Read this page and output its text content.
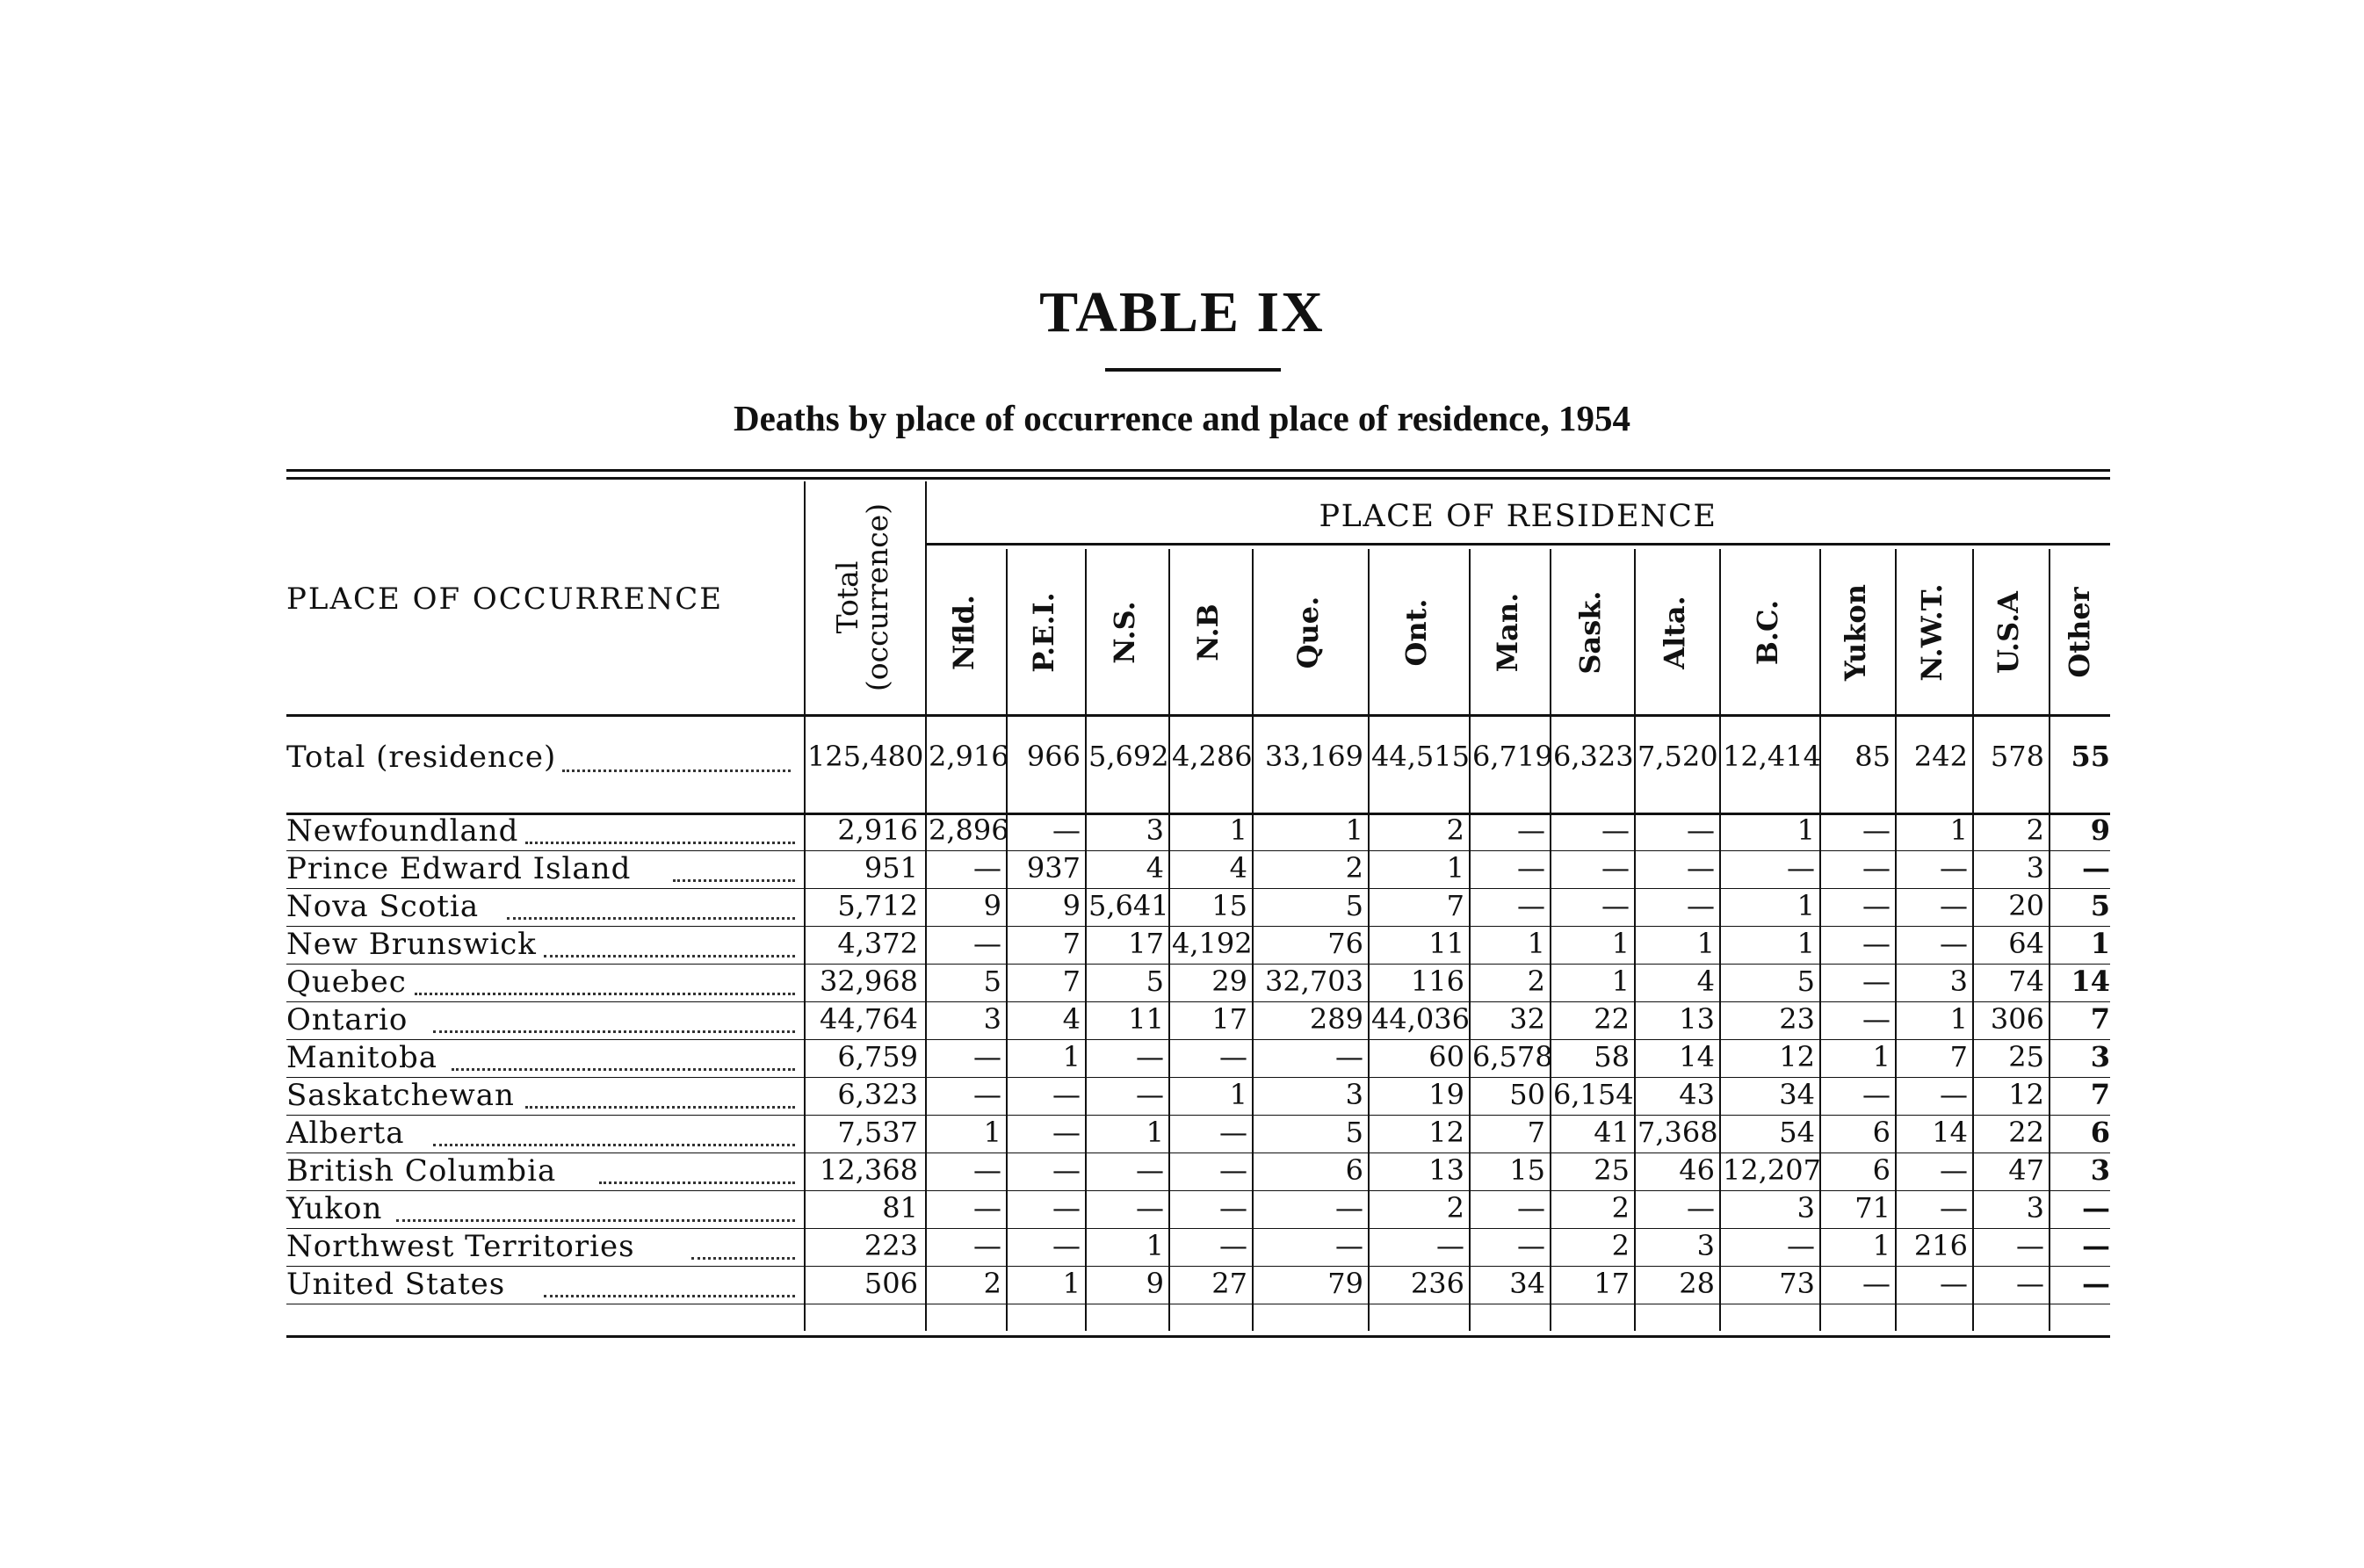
TABLE IX
Deaths by place of occurrence and place of residence, 1954
PLACE OF OCCURRENCE
PLACE OF RESIDENCE
Total (occurrence) Nfld. P.E.I. N.S. N.B Que.	Ont. Man. Sask. Alta. B.C. Yukon N.W.T. U.S.A Other
Total (residence)	125,480 2,916 966 5,692 4,286 33,169 44,515 6,719 6,323 7,520 12,414	85 242 578 55
Newfoundland	2,916 2,896	—	3	1	1	2	—	—	—	1	—	1	2	9
Prince Edward Island	951	— 937	4	4	2	1	—	—	—	—	—	—	3	—
Nova Scotia	5,712	9	9 5,641	15	5	7	—	—	—	1	—	—	20	5
New Brunswick	4,372	—	7	17 4,192	76	11	1	1	1	1	—	—	64	1
Quebec	32,968	5	7	5	29 32,703	116	2	1	4	5	—	3	74 14
Ontario	44,764	3	4	11	17	289 44,036	32	22	13	23	—	1 306	7
Manitoba	6,759	—	1	—	—	—	60 6,578	58	14	12	1	7	25	3
Saskatchewan	6,323	—	—	—	1	3	19	50 6,154	43	34	—	—	12	7
Alberta	7,537	1	—	1	—	5	12	7	41 7,368	54	6	14	22	6
British Columbia	12,368	—	—	—	—	6	13	15	25	46 12,207	6	—	47	3
Yukon	81	—	—	—	—	—	2	—	2	—	3	71	—	3	—
Northwest Territories	223	—	—	1	—	—	—	—	2	3	—	1 216	—	—
United States	506	2	1	9	27	79	236	34	17	28	73	—	—	—	—
